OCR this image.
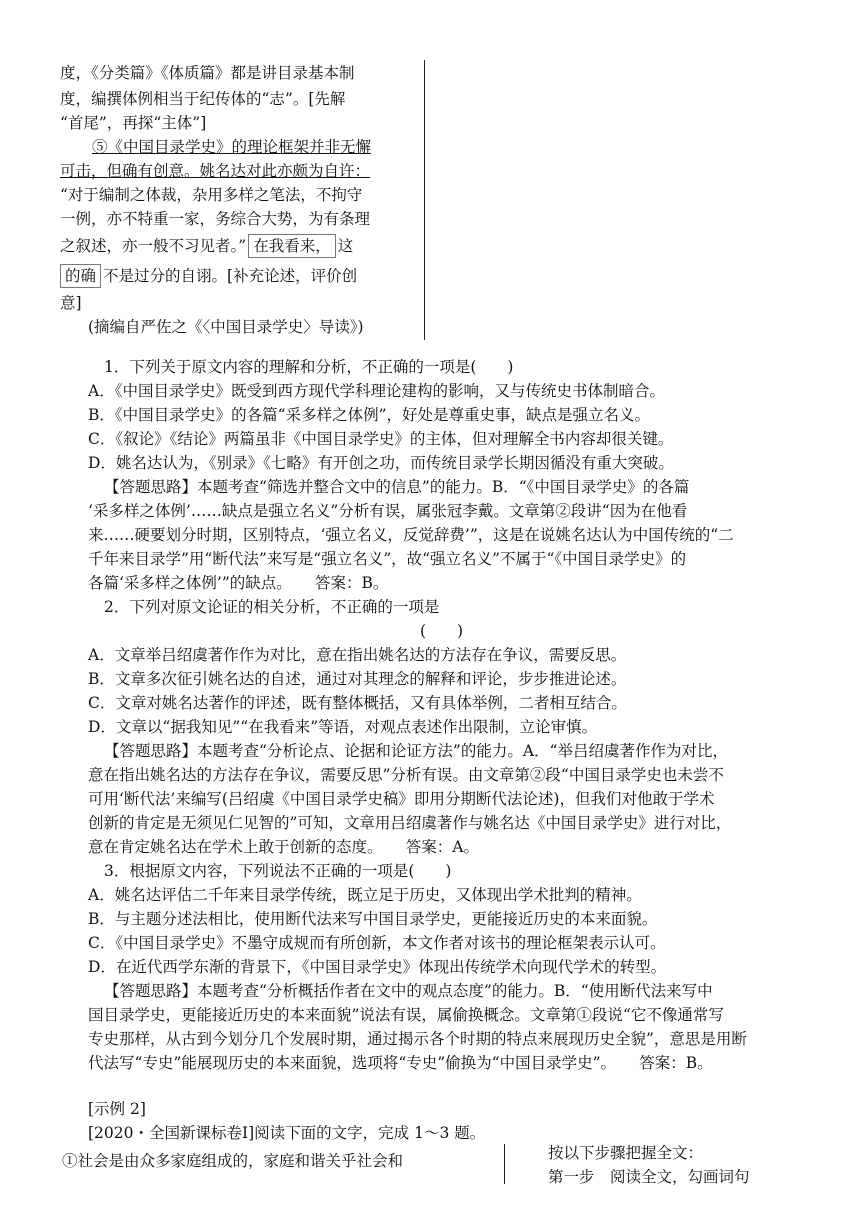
度，《分类篇》《体质篇》都是讲目录基本制
度，编撰体例相当于纪传体的“志”。[先解
“首尾”，再探“主体”]
⑤《中国目录学史》的理论框架并非无懈
可击，但确有创意。姚名达对此亦颇为自许：
“对于编制之体裁，杂用多样之笔法，不拘守
一例，亦不特重一家，务综合大势，为有条理
之叙述，亦一般不习见者。” 在我看来， 这
的确 不是过分的自诩。[补充论述，评价创
意]
(摘编自严佐之《〈中国目录学史〉导读》)
1．下列关于原文内容的理解和分析，不正确的一项是(　　)
A．《中国目录学史》既受到西方现代学科理论建构的影响，又与传统史书体制暗合。
B．《中国目录学史》的各篇“采多样之体例”，好处是尊重史事，缺点是强立名义。
C．《叙论》《结论》两篇虽非《中国目录学史》的主体，但对理解全书内容却很关键。
D．姚名达认为，《别录》《七略》有开创之功，而传统目录学长期因循没有重大突破。
【答题思路】本题考查“筛选并整合文中的信息”的能力。B．“《中国目录学史》的各篇
‘采多样之体例’……缺点是强立名义”分析有误，属张冠李戴。文章第②段讲“因为在他看
来……硬要划分时期，区别特点，‘强立名义，反觉辞费’”，这是在说姚名达认为中国传统的“二
千年来目录学”用“断代法”来写是“强立名义”，故“强立名义”不属于“《中国目录学史》的
各篇‘采多样之体例’”的缺点。　　答案：B。
2．下列对原文论证的相关分析，不正确的一项是
(　　)
A．文章举吕绍虞著作作为对比，意在指出姚名达的方法存在争议，需要反思。
B．文章多次征引姚名达的自述，通过对其理念的解释和评论，步步推进论述。
C．文章对姚名达著作的评述，既有整体概括，又有具体举例，二者相互结合。
D．文章以“据我知见”“在我看来”等语，对观点表述作出限制，立论审慎。
【答题思路】本题考查“分析论点、论据和论证方法”的能力。A．“举吕绍虞著作作为对比，
意在指出姚名达的方法存在争议，需要反思”分析有误。由文章第②段“中国目录学史也未尝不
可用‘断代法’来编写(吕绍虞《中国目录学史稿》即用分期断代法论述)，但我们对他敢于学术
创新的肯定是无须见仁见智的”可知，文章用吕绍虞著作与姚名达《中国目录学史》进行对比，
意在肯定姚名达在学术上敢于创新的态度。　　答案：A。
3．根据原文内容，下列说法不正确的一项是(　　)
A．姚名达评估二千年来目录学传统，既立足于历史，又体现出学术批判的精神。
B．与主题分述法相比，使用断代法来写中国目录学史，更能接近历史的本来面貌。
C．《中国目录学史》不墨守成规而有所创新，本文作者对该书的理论框架表示认可。
D．在近代西学东渐的背景下，《中国目录学史》体现出传统学术向现代学术的转型。
【答题思路】本题考查“分析概括作者在文中的观点态度”的能力。B．“使用断代法来写中
国目录学史，更能接近历史的本来面貌”说法有误，属偷换概念。文章第①段说“它不像通常写
专史那样，从古到今划分几个发展时期，通过揭示各个时期的特点来展现历史全貌”，意思是用断
代法写“专史”能展现历史的本来面貌，选项将“专史”偷换为“中国目录学史”。　　答案：B。
[示例 2]
[2020・全国新课标卷Ⅰ]阅读下面的文字，完成 1～3 题。
①社会是由众多家庭组成的，家庭和谐关乎社会和	按以下步骤把握全文：
第一步　阅读全文，勾画词句
